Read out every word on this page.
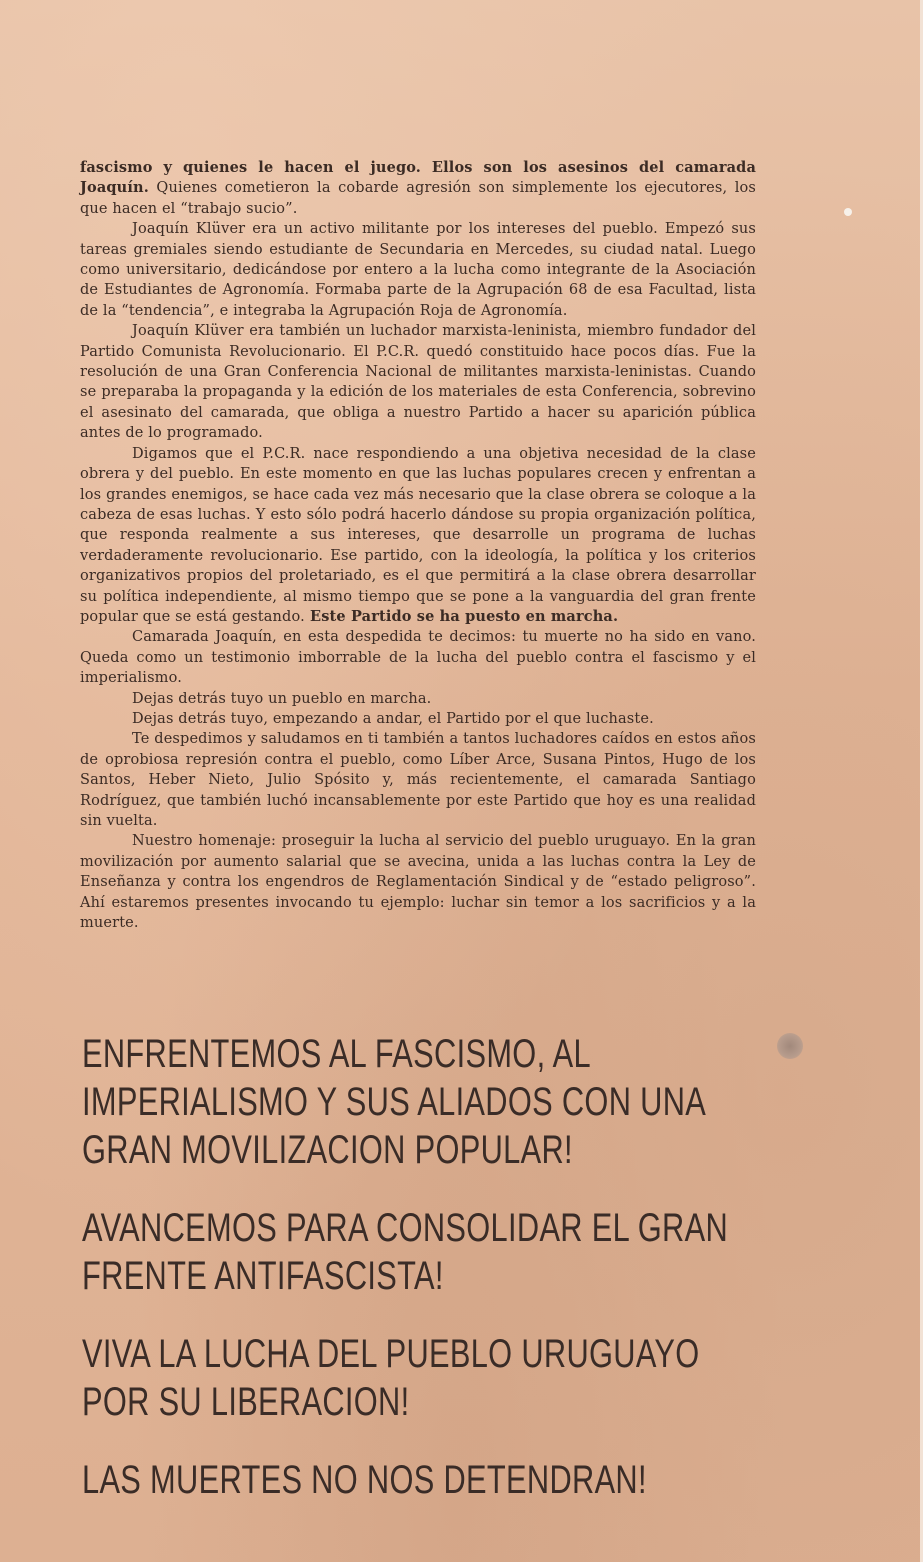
fascismo y quienes le hacen el juego. Ellos son los asesinos del camarada Joaquín. Quienes cometieron la cobarde agresión son simplemente los ejecutores, los que hacen el “trabajo sucio”.

Joaquín Klüver era un activo militante por los intereses del pueblo. Empezó sus tareas gremiales siendo estudiante de Secundaria en Mercedes, su ciudad natal. Luego como universitario, dedicándose por entero a la lucha como integrante de la Asociación de Estudiantes de Agronomía. Formaba parte de la Agrupación 68 de esa Facultad, lista de la “tendencia”, e integraba la Agrupación Roja de Agronomía.

Joaquín Klüver era también un luchador marxista-leninista, miembro fundador del Partido Comunista Revolucionario. El P.C.R. quedó constituido hace pocos días. Fue la resolución de una Gran Conferencia Nacional de militantes marxista-leninistas. Cuando se preparaba la propaganda y la edición de los materiales de esta Conferencia, sobrevino el asesinato del camarada, que obliga a nuestro Partido a hacer su aparición pública antes de lo programado.

Digamos que el P.C.R. nace respondiendo a una objetiva necesidad de la clase obrera y del pueblo. En este momento en que las luchas populares crecen y enfrentan a los grandes enemigos, se hace cada vez más necesario que la clase obrera se coloque a la cabeza de esas luchas. Y esto sólo podrá hacerlo dándose su propia organización política, que responda realmente a sus intereses, que desarrolle un programa de luchas verdaderamente revolucionario. Ese partido, con la ideología, la política y los criterios organizativos propios del proletariado, es el que permitirá a la clase obrera desarrollar su política independiente, al mismo tiempo que se pone a la vanguardia del gran frente popular que se está gestando. Este Partido se ha puesto en marcha.

Camarada Joaquín, en esta despedida te decimos: tu muerte no ha sido en vano. Queda como un testimonio imborrable de la lucha del pueblo contra el fascismo y el imperialismo.

Dejas detrás tuyo un pueblo en marcha.

Dejas detrás tuyo, empezando a andar, el Partido por el que luchaste.

Te despedimos y saludamos en ti también a tantos luchadores caídos en estos años de oprobiosa represión contra el pueblo, como Líber Arce, Susana Pintos, Hugo de los Santos, Heber Nieto, Julio Spósito y, más recientemente, el camarada Santiago Rodríguez, que también luchó incansablemente por este Partido que hoy es una realidad sin vuelta.

Nuestro homenaje: proseguir la lucha al servicio del pueblo uruguayo. En la gran movilización por aumento salarial que se avecina, unida a las luchas contra la Ley de Enseñanza y contra los engendros de Reglamentación Sindical y de “estado peligroso”. Ahí estaremos presentes invocando tu ejemplo: luchar sin temor a los sacrificios y a la muerte.

ENFRENTEMOS AL FASCISMO, AL IMPERIALISMO Y SUS ALIADOS CON UNA GRAN MOVILIZACION POPULAR!

AVANCEMOS PARA CONSOLIDAR EL GRAN FRENTE ANTIFASCISTA!

VIVA LA LUCHA DEL PUEBLO URUGUAYO POR SU LIBERACION!

LAS MUERTES NO NOS DETENDRAN!
